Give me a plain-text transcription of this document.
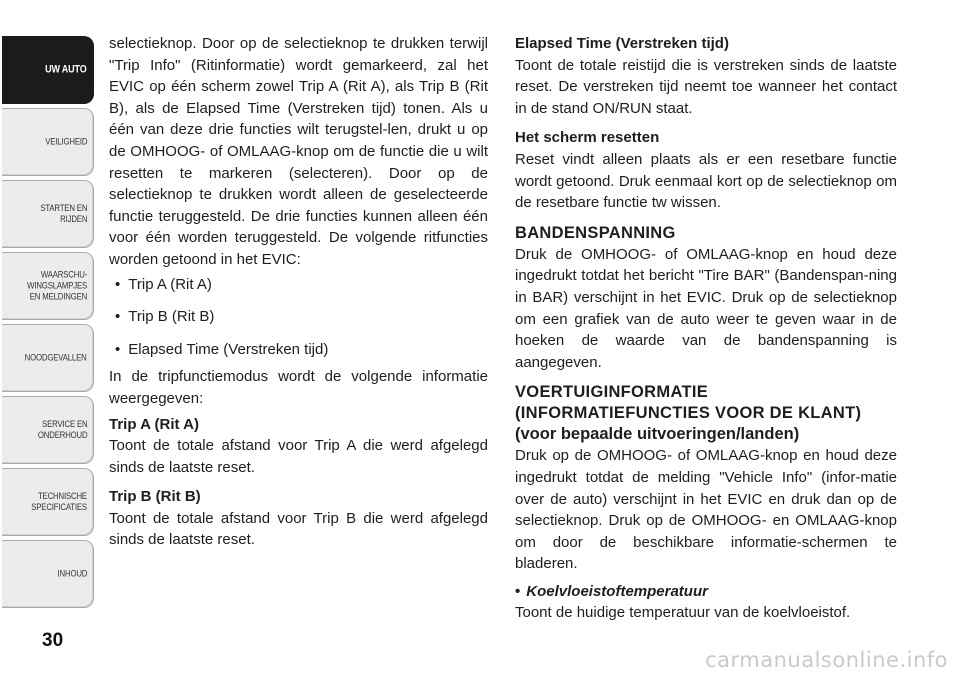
UW AUTO
VEILIGHEID
STARTEN EN
RIJDEN
WAARSCHU-
WINGSLAMPJES
EN MELDINGEN
NOODGEVALLEN
SERVICE EN
ONDERHOUD
TECHNISCHE
SPECIFICATIES
INHOUD
30

selectieknop. Door op de selectieknop te drukken terwijl "Trip Info" (Ritinformatie) wordt gemarkeerd, zal het EVIC op één scherm zowel Trip A (Rit A), als Trip B (Rit B), als de Elapsed Time (Verstreken tijd) tonen. Als u één van deze drie functies wilt terugstel-len, drukt u op de OMHOOG- of OMLAAG-knop om de functie die u wilt resetten te markeren (selecteren). Door op de selectieknop te drukken wordt alleen de geselecteerde functie teruggesteld. De drie functies kunnen alleen één voor één worden teruggesteld. De volgende ritfuncties worden getoond in het EVIC:

• Trip A (Rit A)
• Trip B (Rit B)
• Elapsed Time (Verstreken tijd)

In de tripfunctiemodus wordt de volgende informatie weergegeven:

Trip A (Rit A)

Toont de totale afstand voor Trip A die werd afgelegd sinds de laatste reset.

Trip B (Rit B)

Toont de totale afstand voor Trip B die werd afgelegd sinds de laatste reset.

Elapsed Time (Verstreken tijd)

Toont de totale reistijd die is verstreken sinds de laatste reset. De verstreken tijd neemt toe wanneer het contact in de stand ON/RUN staat.

Het scherm resetten

Reset vindt alleen plaats als er een resetbare functie wordt getoond. Druk eenmaal kort op de selectieknop om de resetbare functie tw wissen.

BANDENSPANNING

Druk de OMHOOG- of OMLAAG-knop en houd deze ingedrukt totdat het bericht "Tire BAR" (Bandenspan-ning in BAR) verschijnt in het EVIC. Druk op de selectieknop om een grafiek van de auto weer te geven waar in de hoeken de waarde van de bandenspanning is aangegeven.

VOERTUIGINFORMATIE

(INFORMATIEFUNCTIES VOOR DE KLANT)

(voor bepaalde uitvoeringen/landen)

Druk op de OMHOOG- of OMLAAG-knop en houd deze ingedrukt totdat de melding "Vehicle Info" (infor-matie over de auto) verschijnt in het EVIC en druk dan op de selectieknop. Druk op de OMHOOG- en OMLAAG-knop om door de beschikbare informatie-schermen te bladeren.

• Koelvloeistoftemperatuur

Toont de huidige temperatuur van de koelvloeistof.

carmanualsonline.info
